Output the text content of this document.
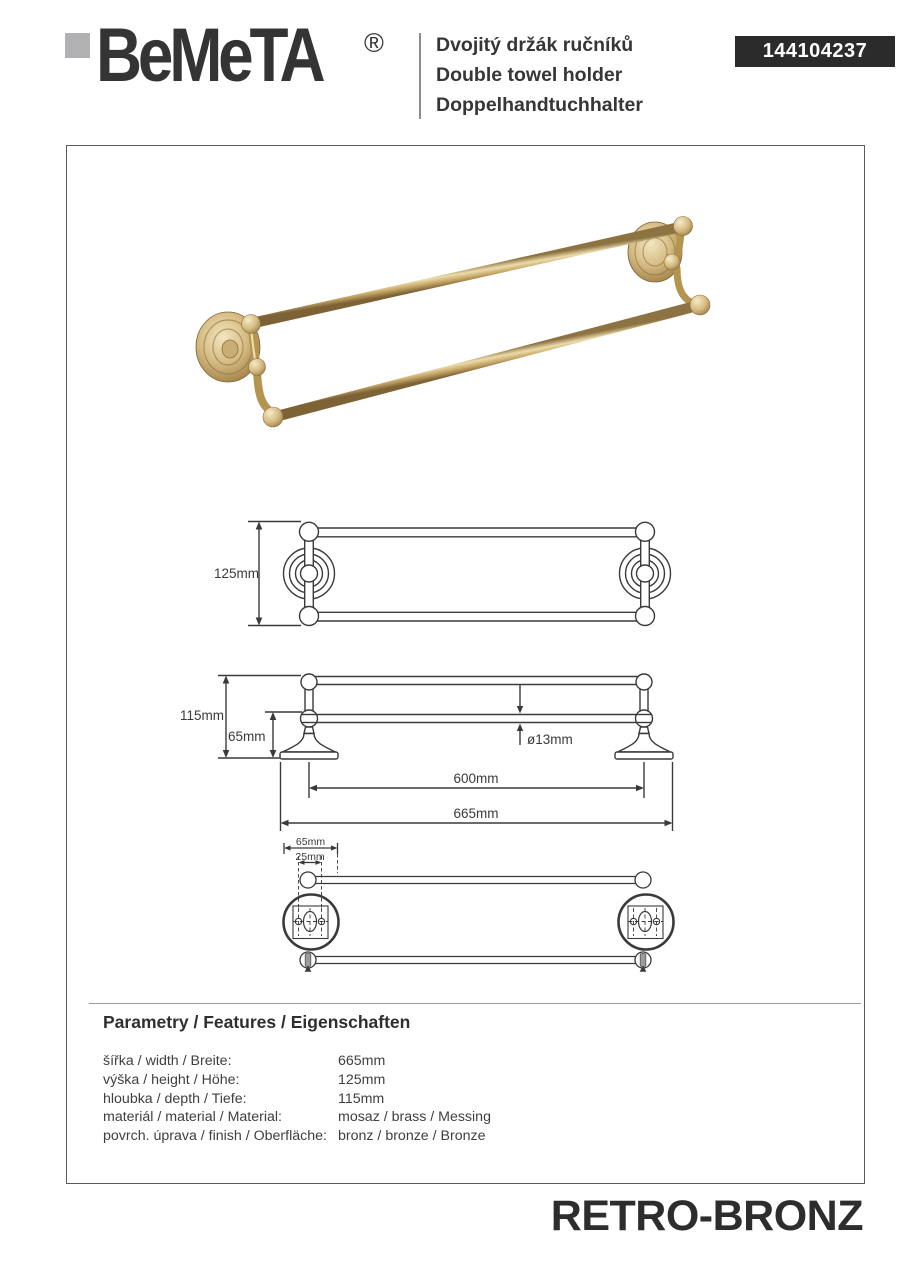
BeMeTA ®	Dvojitý držák ručníků
Double towel holder
Doppelhandtuchhalter
144104237
125mm
115mm
65mm	ø13mm
600mm
665mm
65mm
25mm
Parametry / Features / Eigenschaften
šířka / width / Breite:	665mm
výška / height / Höhe:	125mm
hloubka / depth / Tiefe:	115mm
materiál / material / Material:	mosaz / brass / Messing
povrch. úprava / finish / Oberfläche: bronz / bronze / Bronze
RETRO-BRONZ
